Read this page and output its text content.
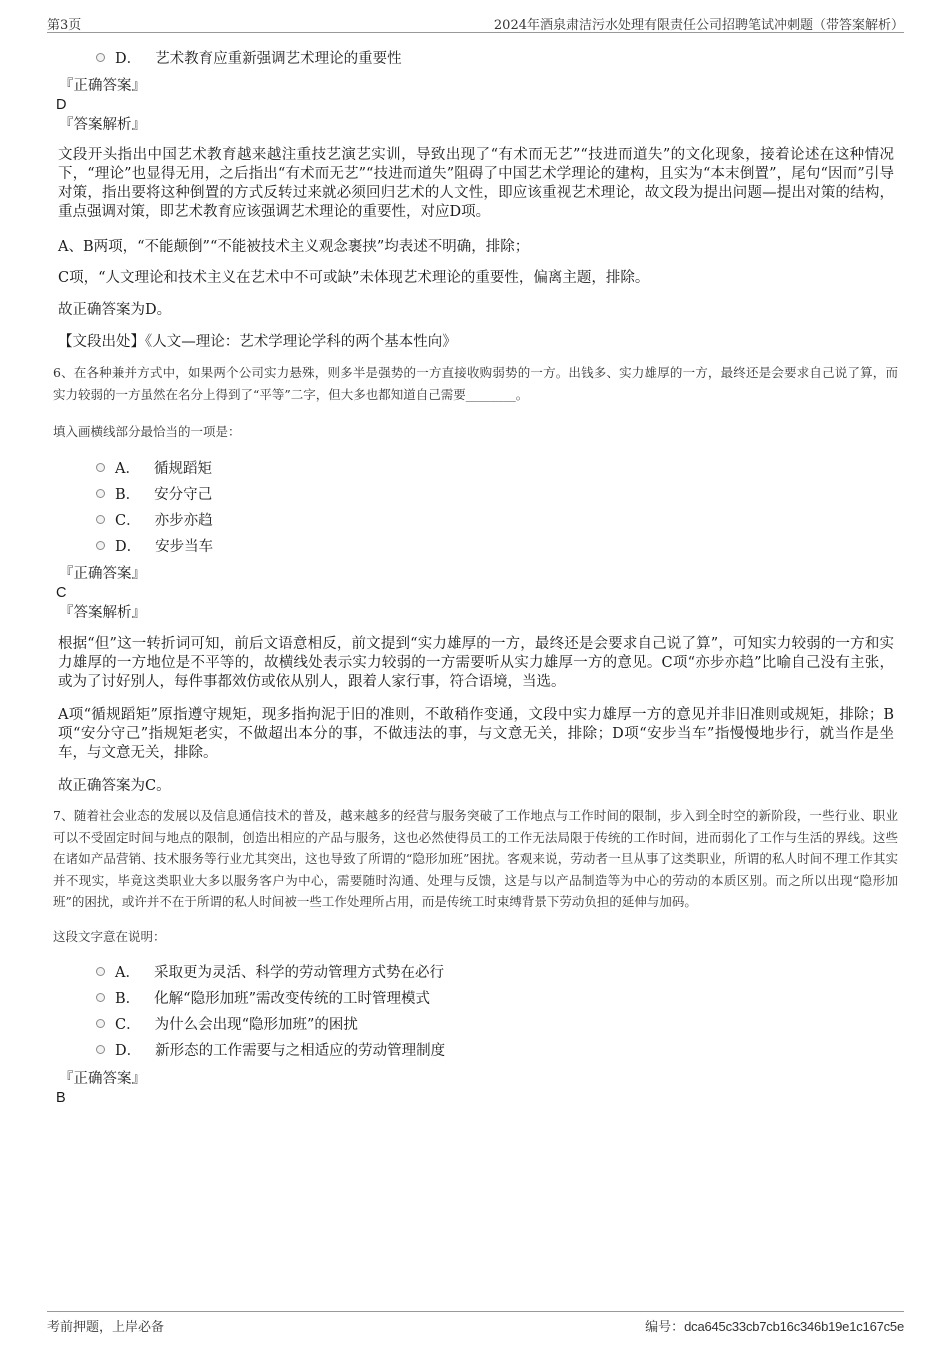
第3页	2024年酒泉肃洁污水处理有限责任公司招聘笔试冲刺题（带答案解析）
D． 艺术教育应重新强调艺术理论的重要性
『正确答案』
D
『答案解析』

文段开头指出中国艺术教育越来越注重技艺演艺实训，导致出现了“有术而无艺”“技进而道失”的文化现象，接着论述在这种情况下，“理论”也显得无用，之后指出“有术而无艺”“技进而道失”阻碍了中国艺术学理论的建构，且实为“本末倒置”，尾句“因而”引导对策，指出要将这种倒置的方式反转过来就必须回归艺术的人文性，即应该重视艺术理论，故文段为提出问题—提出对策的结构，重点强调对策，即艺术教育应该强调艺术理论的重要性，对应D项。

A、B两项，“不能颠倒”“不能被技术主义观念裹挟”均表述不明确，排除；

C项，“人文理论和技术主义在艺术中不可或缺”未体现艺术理论的重要性，偏离主题，排除。

故正确答案为D。

【文段出处】《人文—理论：艺术学理论学科的两个基本性向》

6、在各种兼并方式中，如果两个公司实力悬殊，则多半是强势的一方直接收购弱势的一方。出钱多、实力雄厚的一方，最终还是会要求自己说了算，而实力较弱的一方虽然在名分上得到了“平等”二字，但大多也都知道自己需要________。

填入画横线部分最恰当的一项是：
A． 循规蹈矩
B． 安分守己
C． 亦步亦趋
D． 安步当车
『正确答案』
C
『答案解析』

根据“但”这一转折词可知，前后文语意相反，前文提到“实力雄厚的一方，最终还是会要求自己说了算”，可知实力较弱的一方和实力雄厚的一方地位是不平等的，故横线处表示实力较弱的一方需要听从实力雄厚一方的意见。C项“亦步亦趋”比喻自己没有主张，或为了讨好别人，每件事都效仿或依从别人，跟着人家行事，符合语境，当选。

A项“循规蹈矩”原指遵守规矩，现多指拘泥于旧的准则，不敢稍作变通，文段中实力雄厚一方的意见并非旧准则或规矩，排除；B项“安分守己”指规矩老实，不做超出本分的事，不做违法的事，与文意无关，排除；D项“安步当车”指慢慢地步行，就当作是坐车，与文意无关，排除。

故正确答案为C。

7、随着社会业态的发展以及信息通信技术的普及，越来越多的经营与服务突破了工作地点与工作时间的限制，步入到全时空的新阶段，一些行业、职业可以不受固定时间与地点的限制，创造出相应的产品与服务，这也必然使得员工的工作无法局限于传统的工作时间，进而弱化了工作与生活的界线。这些在诸如产品营销、技术服务等行业尤其突出，这也导致了所谓的“隐形加班”困扰。客观来说，劳动者一旦从事了这类职业，所谓的私人时间不理工作其实并不现实，毕竟这类职业大多以服务客户为中心，需要随时沟通、处理与反馈，这是与以产品制造等为中心的劳动的本质区别。而之所以出现“隐形加班”的困扰，或许并不在于所谓的私人时间被一些工作处理所占用，而是传统工时束缚背景下劳动负担的延伸与加码。

这段文字意在说明：
A． 采取更为灵活、科学的劳动管理方式势在必行
B． 化解“隐形加班”需改变传统的工时管理模式
C． 为什么会出现“隐形加班”的困扰
D． 新形态的工作需要与之相适应的劳动管理制度
『正确答案』
B
考前押题，上岸必备	编号：dca645c33cb7cb16c346b19e1c167c5e
